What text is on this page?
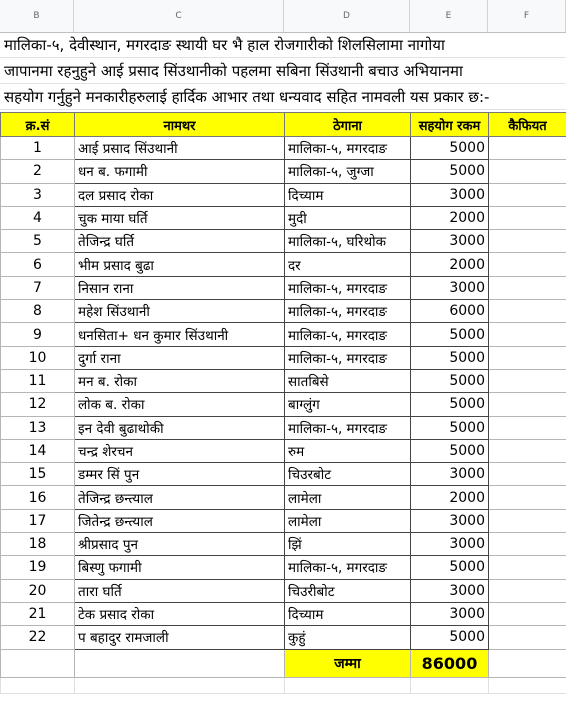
B	C	D	E	F
मालिका-५, देवीस्थान, मगरदाङ स्थायी घर भै हाल रोजगारीको शिलसिलामा नागोया
जापानमा रहनुहुने आई प्रसाद सिंउथानीको पहलमा सबिना सिंउथानी बचाउ अभियानमा
सहयोग गर्नुहुने मनकारीहरुलाई हार्दिक आभार तथा धन्यवाद सहित नामवली यस प्रकार छ:-
क्र.सं	नामथर	ठेगाना	सहयोग रकम	कैफियत
1	आई प्रसाद सिंउथानी	मालिका-५, मगरदाङ	5000	
2	धन ब. फगामी	मालिका-५, जुग्जा	5000	
3	दल प्रसाद रोका	दिच्याम	3000	
4	चुक माया घर्ति	मुदी	2000	
5	तेजिन्द्र घर्ति	मालिका-५, घरिथोक	3000	
6	भीम प्रसाद बुढा	दर	2000	
7	निसान राना	मालिका-५, मगरदाङ	3000	
8	महेश सिंउथानी	मालिका-५, मगरदाङ	6000	
9	धनसिता+ धन कुमार सिंउथानी	मालिका-५, मगरदाङ	5000	
10	दुर्गा राना	मालिका-५, मगरदाङ	5000	
11	मन ब. रोका	सातबिसे	5000	
12	लोक ब. रोका	बाग्लुंग	5000	
13	इन देवी बुढाथोकी	मालिका-५, मगरदाङ	5000	
14	चन्द्र शेरचन	रुम	5000	
15	डम्मर सिं पुन	चिउरबोट	3000	
16	तेजिन्द्र छन्त्याल	लामेला	2000	
17	जितेन्द्र छन्त्याल	लामेला	3000	
18	श्रीप्रसाद पुन	झिं	3000	
19	बिस्णु फगामी	मालिका-५, मगरदाङ	5000	
20	तारा घर्ति	चिउरीबोट	3000	
21	टेक प्रसाद रोका	दिच्याम	3000	
22	प बहादुर रामजाली	कुहुं	5000	
		जम्मा	86000	
